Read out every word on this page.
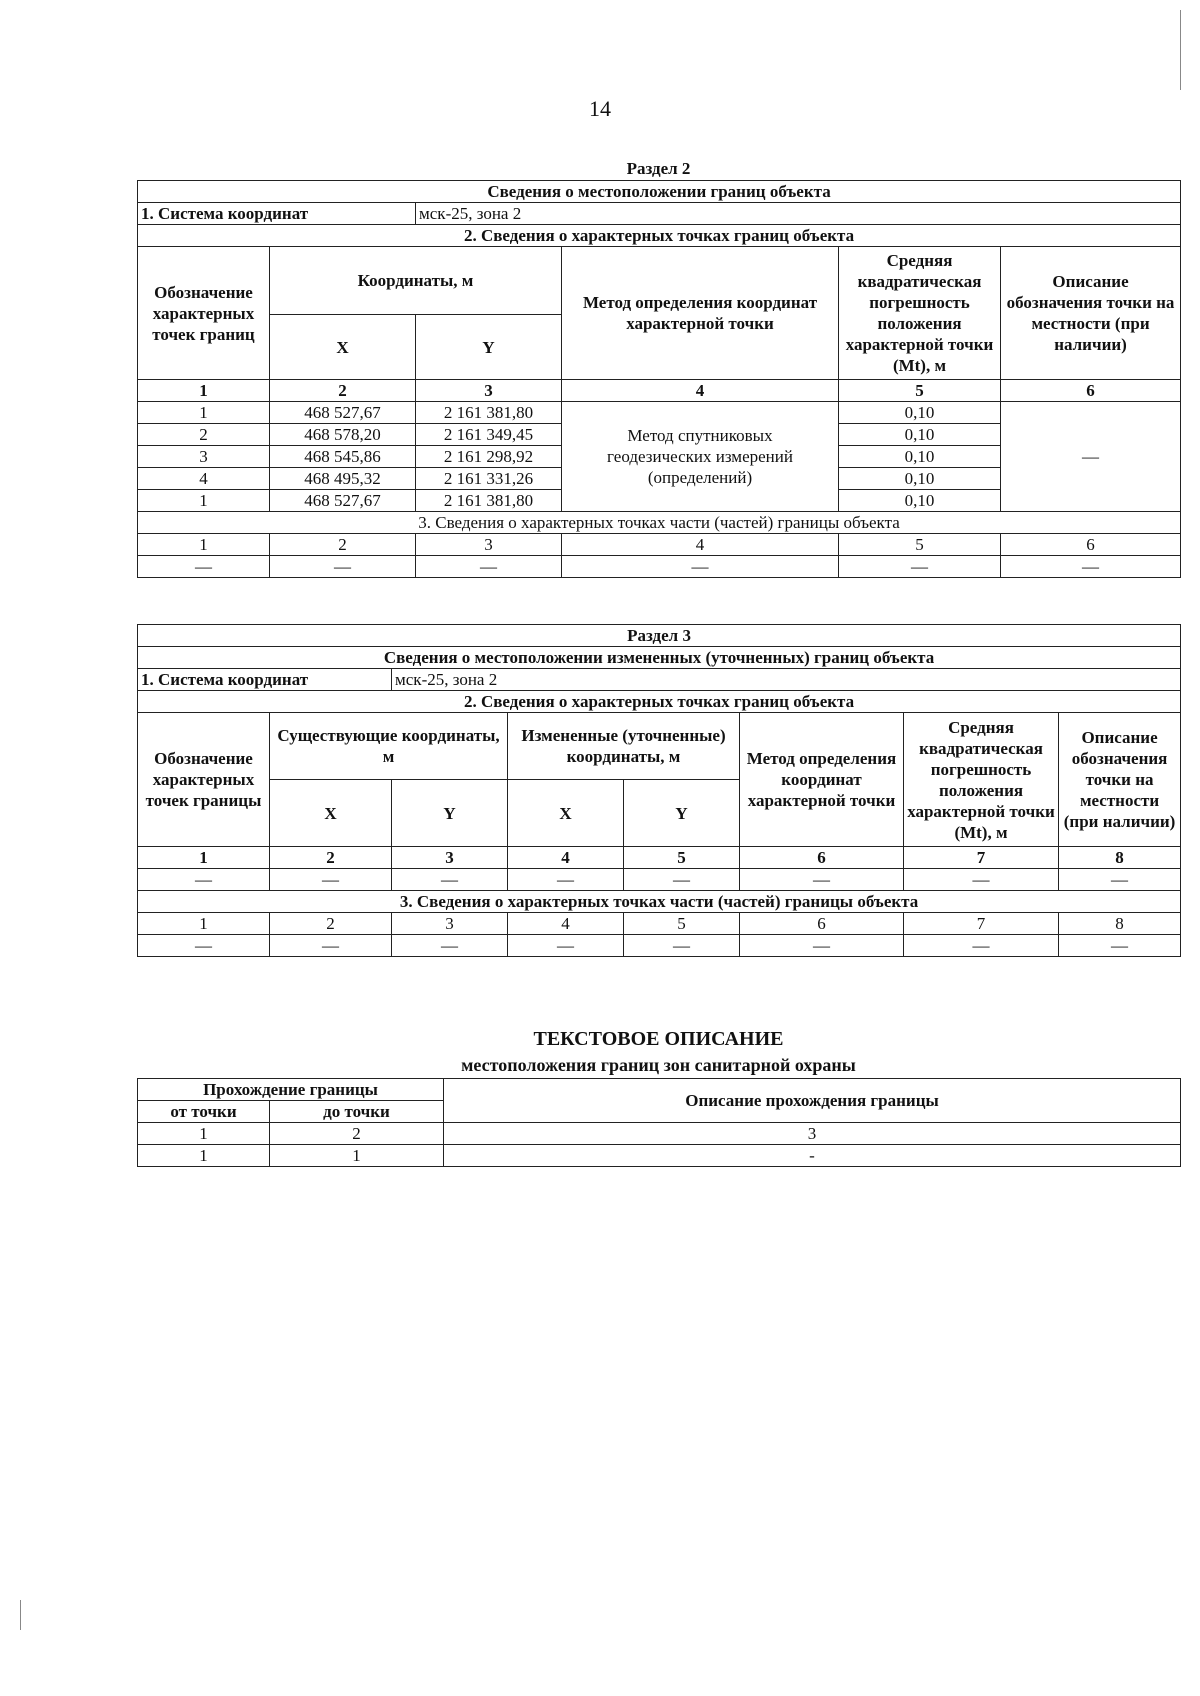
14
Раздел 2
Сведения о местоположении границ объекта					
1. Система координат		мск-25, зона 2			
2. Сведения о характерных точках границ объекта					
Обозначение характерных точек границ	Координаты, м		Метод определения координат характерной точки	Средняя квадратическая погрешность положения характерной точки (Mt), м	Описание обозначения точки на местности (при наличии)
	X	Y			
1	2	3	4	5	6
1	468 527,67	2 161 381,80	Метод спутниковых геодезических измерений (определений)	0,10	—
2	468 578,20	2 161 349,45		0,10	
3	468 545,86	2 161 298,92		0,10	
4	468 495,32	2 161 331,26		0,10	
1	468 527,67	2 161 381,80		0,10	
3. Сведения о характерных точках части (частей) границы объекта					
1	2	3	4	5	6
—	—	—	—	—	—
Раздел 3							
Сведения о местоположении измененных (уточненных) границ объекта							
1. Система координат		мск-25, зона 2					
2. Сведения о характерных точках границ объекта							
Обозначение характерных точек границы	Существующие координаты, м		Измененные (уточненные) координаты, м		Метод определения координат характерной точки	Средняя квадратическая погрешность положения характерной точки (Mt), м	Описание обозначения точки на местности (при наличии)
	X	Y	X	Y			
1	2	3	4	5	6	7	8
—	—	—	—	—	—	—	—
3. Сведения о характерных точках части (частей) границы объекта							
1	2	3	4	5	6	7	8
—	—	—	—	—	—	—	—
ТЕКСТОВОЕ ОПИСАНИЕ
местоположения границ зон санитарной охраны
Прохождение границы		Описание прохождения границы
от точки	до точки	
1	2	3
1	1	-
